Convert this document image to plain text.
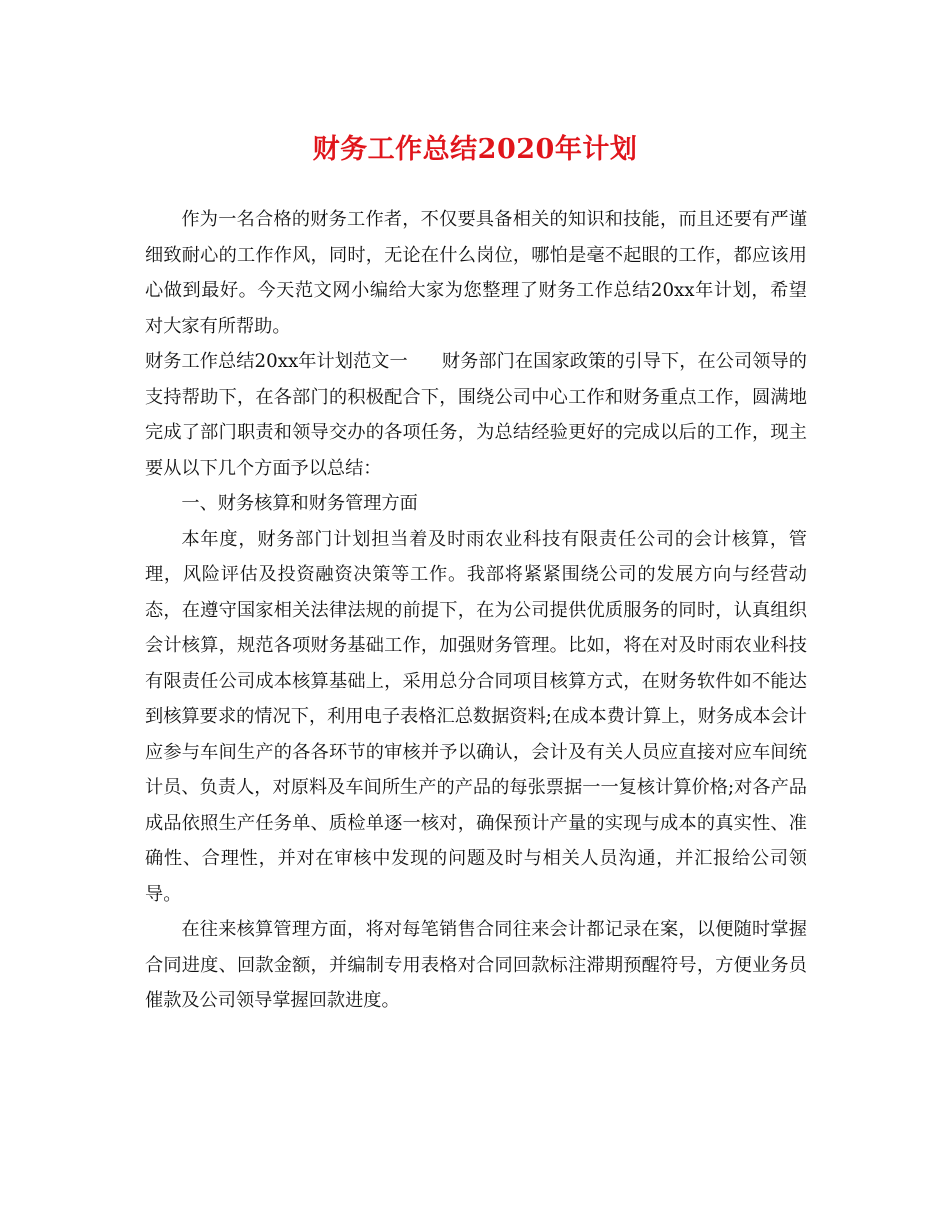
财务工作总结2020年计划

作为一名合格的财务工作者，不仅要具备相关的知识和技能，而且还要有严谨细致耐心的工作作风，同时，无论在什么岗位，哪怕是毫不起眼的工作，都应该用心做到最好。今天范文网小编给大家为您整理了财务工作总结20xx年计划，希望对大家有所帮助。

财务工作总结20xx年计划范文一 财务部门在国家政策的引导下，在公司领导的支持帮助下，在各部门的积极配合下，围绕公司中心工作和财务重点工作，圆满地完成了部门职责和领导交办的各项任务，为总结经验更好的完成以后的工作，现主要从以下几个方面予以总结：

一、财务核算和财务管理方面

本年度，财务部门计划担当着及时雨农业科技有限责任公司的会计核算，管理，风险评估及投资融资决策等工作。我部将紧紧围绕公司的发展方向与经营动态，在遵守国家相关法律法规的前提下，在为公司提供优质服务的同时，认真组织会计核算，规范各项财务基础工作，加强财务管理。比如，将在对及时雨农业科技有限责任公司成本核算基础上，采用总分合同项目核算方式，在财务软件如不能达到核算要求的情况下，利用电子表格汇总数据资料;在成本费计算上，财务成本会计应参与车间生产的各各环节的审核并予以确认，会计及有关人员应直接对应车间统计员、负责人，对原料及车间所生产的产品的每张票据一一复核计算价格;对各产品成品依照生产任务单、质检单逐一核对，确保预计产量的实现与成本的真实性、准确性、合理性，并对在审核中发现的问题及时与相关人员沟通，并汇报给公司领导。

在往来核算管理方面，将对每笔销售合同往来会计都记录在案，以便随时掌握合同进度、回款金额，并编制专用表格对合同回款标注滞期预醒符号，方便业务员催款及公司领导掌握回款进度。
